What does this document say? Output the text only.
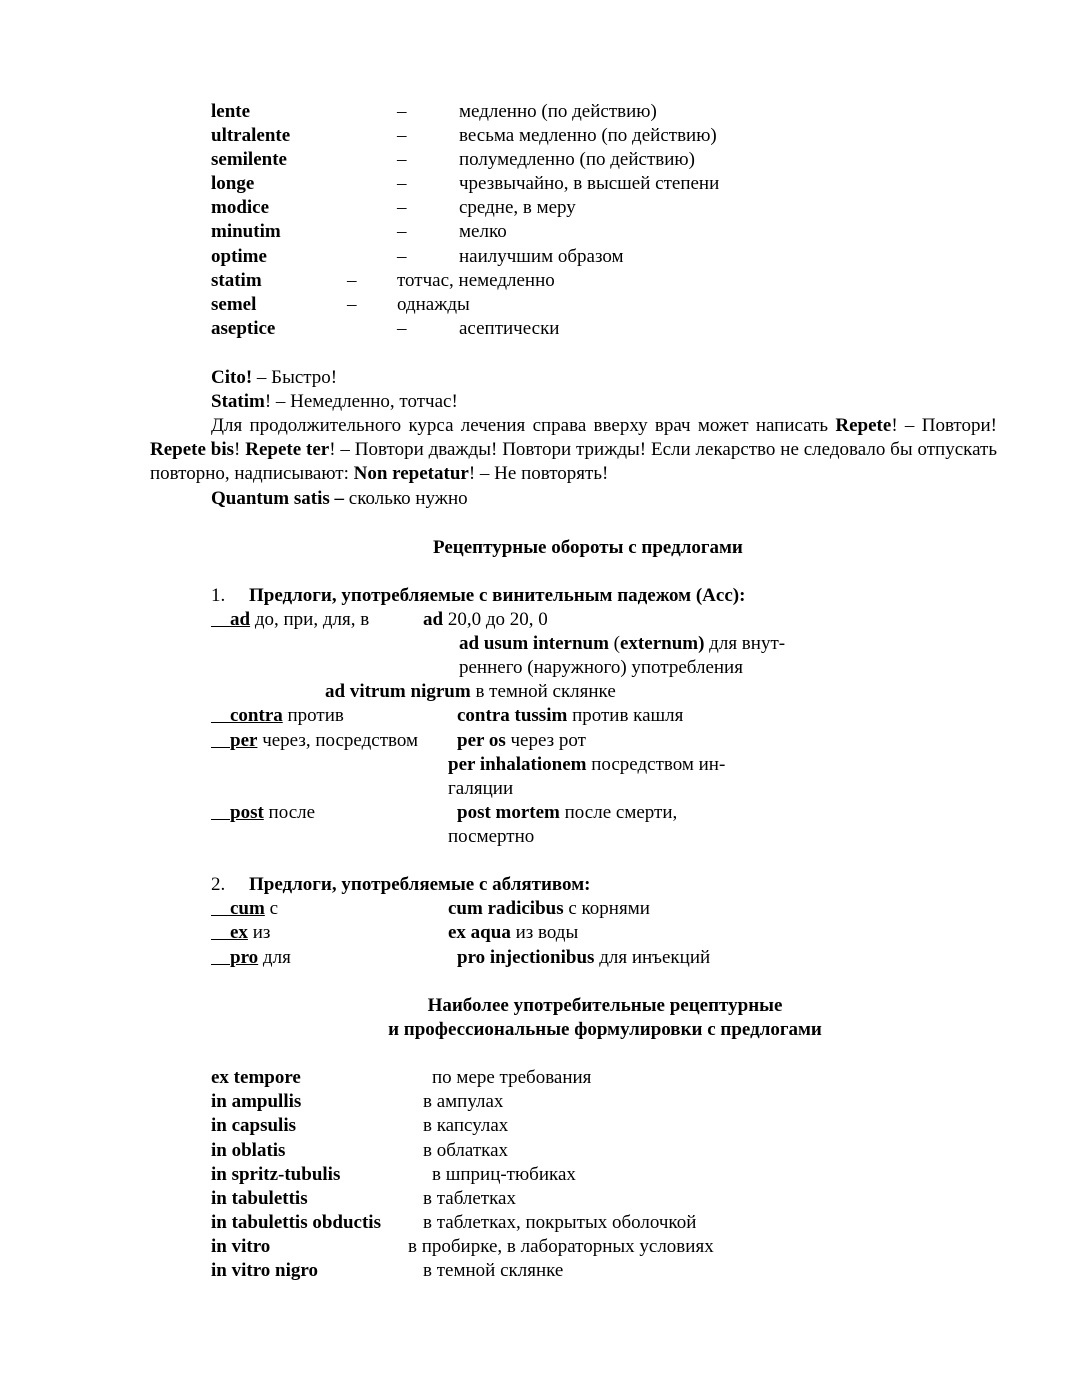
lente	–	медленно (по действию)
ultralente	–	весьма медленно (по действию)
semilente	–	полумедленно (по действию)
longe	–	чрезвычайно, в высшей степени
modice	–	средне, в меру
minutim	–	мелко
optime	–	наилучшим образом
statim	– тотчас, немедленно
semel	– однажды
aseptice	–	асептически
Cito! – Быстро!
Statim! – Немедленно, тотчас!
Для продолжительного курса лечения справа вверху врач может написать Repete! – Повтори! Repete bis! Repete ter! – Повтори дважды! Повтори трижды! Если лекарство не следовало бы отпускать повторно, надписывают: Non repetatur! – Не повторять!
Quantum satis – сколько нужно
Рецептурные обороты с предлогами
1. Предлоги, употребляемые с винительным падежом (Acc):
ad до, при, для, в	ad 20,0 до 20, 0
ad usum internum (externum) для внут-
реннего (наружного) употребления
ad vitrum nigrum в темной склянке
contra против	contra tussim против кашля
per через, посредством per os через рот
per inhalationem посредством ин-
галяции
post после	post mortem после смерти,
посмертно
2. Предлоги, употребляемые с аблятивом:
cum с	cum radicibus с корнями
ex из	ex aqua из воды
pro для	pro injectionibus для инъекций
Наиболее употребительные рецептурные
и профессиональные формулировки с предлогами
ex tempore	по мере требования
in ampullis	в ампулах
in capsulis	в капсулах
in oblatis	в облатках
in spritz-tubulis	в шприц-тюбиках
in tabulettis	в таблетках
in tabulettis obductis в таблетках, покрытых оболочкой
in vitro	в пробирке, в лабораторных условиях
in vitro nigro	в темной склянке
